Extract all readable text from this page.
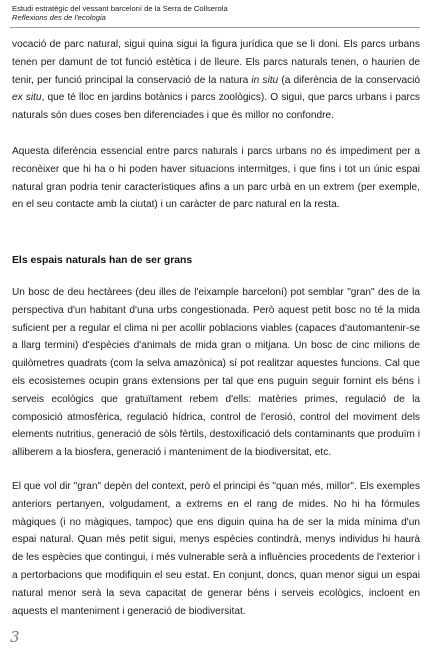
Estudi estratègic del vessant barceloní de la Serra de Collserola
Reflexions des de l'ecologia

vocació de parc natural, sigui quina sigui la figura jurídica que se li doni. Els parcs urbans tenen per damunt de tot funció estètica i de lleure. Els parcs naturals tenen, o haurien de tenir, per funció principal la conservació de la natura in situ (a diferència de la conservació ex situ, que té lloc en jardins botànics i parcs zoològics). O sigui, que parcs urbans i parcs naturals són dues coses ben diferenciades i que és millor no confondre.

Aquesta diferència essencial entre parcs naturals i parcs urbans no és impediment per a reconèixer que hi ha o hi poden haver situacions intermitges, i que fins i tot un únic espai natural gran podria tenir característiques afins a un parc urbà en un extrem (per exemple, en el seu contacte amb la ciutat) i un caràcter de parc natural en la resta.

Els espais naturals han de ser grans

Un bosc de deu hectàrees (deu illes de l'eixample barceloní) pot semblar "gran" des de la perspectiva d'un habitant d'una urbs congestionada. Però aquest petit bosc no té la mida suficient per a regular el clima ni per acollir poblacions viables (capaces d'automantenir-se a llarg termini) d'espècies d'animals de mida gran o mitjana. Un bosc de cinc milions de quilòmetres quadrats (com la selva amazònica) sí pot realitzar aquestes funcions. Cal que els ecosistemes ocupin grans extensions per tal que ens puguin seguir fornint els béns i serveis ecològics que gratuïtament rebem d'ells: matèries primes, regulació de la composició atmosfèrica, regulació hídrica, control de l'erosió, control del moviment dels elements nutritius, generació de sòls fèrtils, destoxificació dels contaminants que produïm i alliberem a la biosfera, generació i manteniment de la biodiversitat, etc.

El que vol dir "gran" depèn del context, però el principi és "quan més, millor". Els exemples anteriors pertanyen, volgudament, a extrems en el rang de mides. No hi ha fórmules màgiques (i no màgiques, tampoc) que ens diguin quina ha de ser la mida mínima d'un espai natural. Quan més petit sigui, menys espècies contindrà, menys individus hi haurà de les espècies que contingui, i més vulnerable serà a influències procedents de l'exterior i a pertorbacions que modifiquin el seu estat. En conjunt, doncs, quan menor sigui un espai natural menor serà la seva capacitat de generar béns i serveis ecològics, incloent en aquests el manteniment i generació de biodiversitat.

3
